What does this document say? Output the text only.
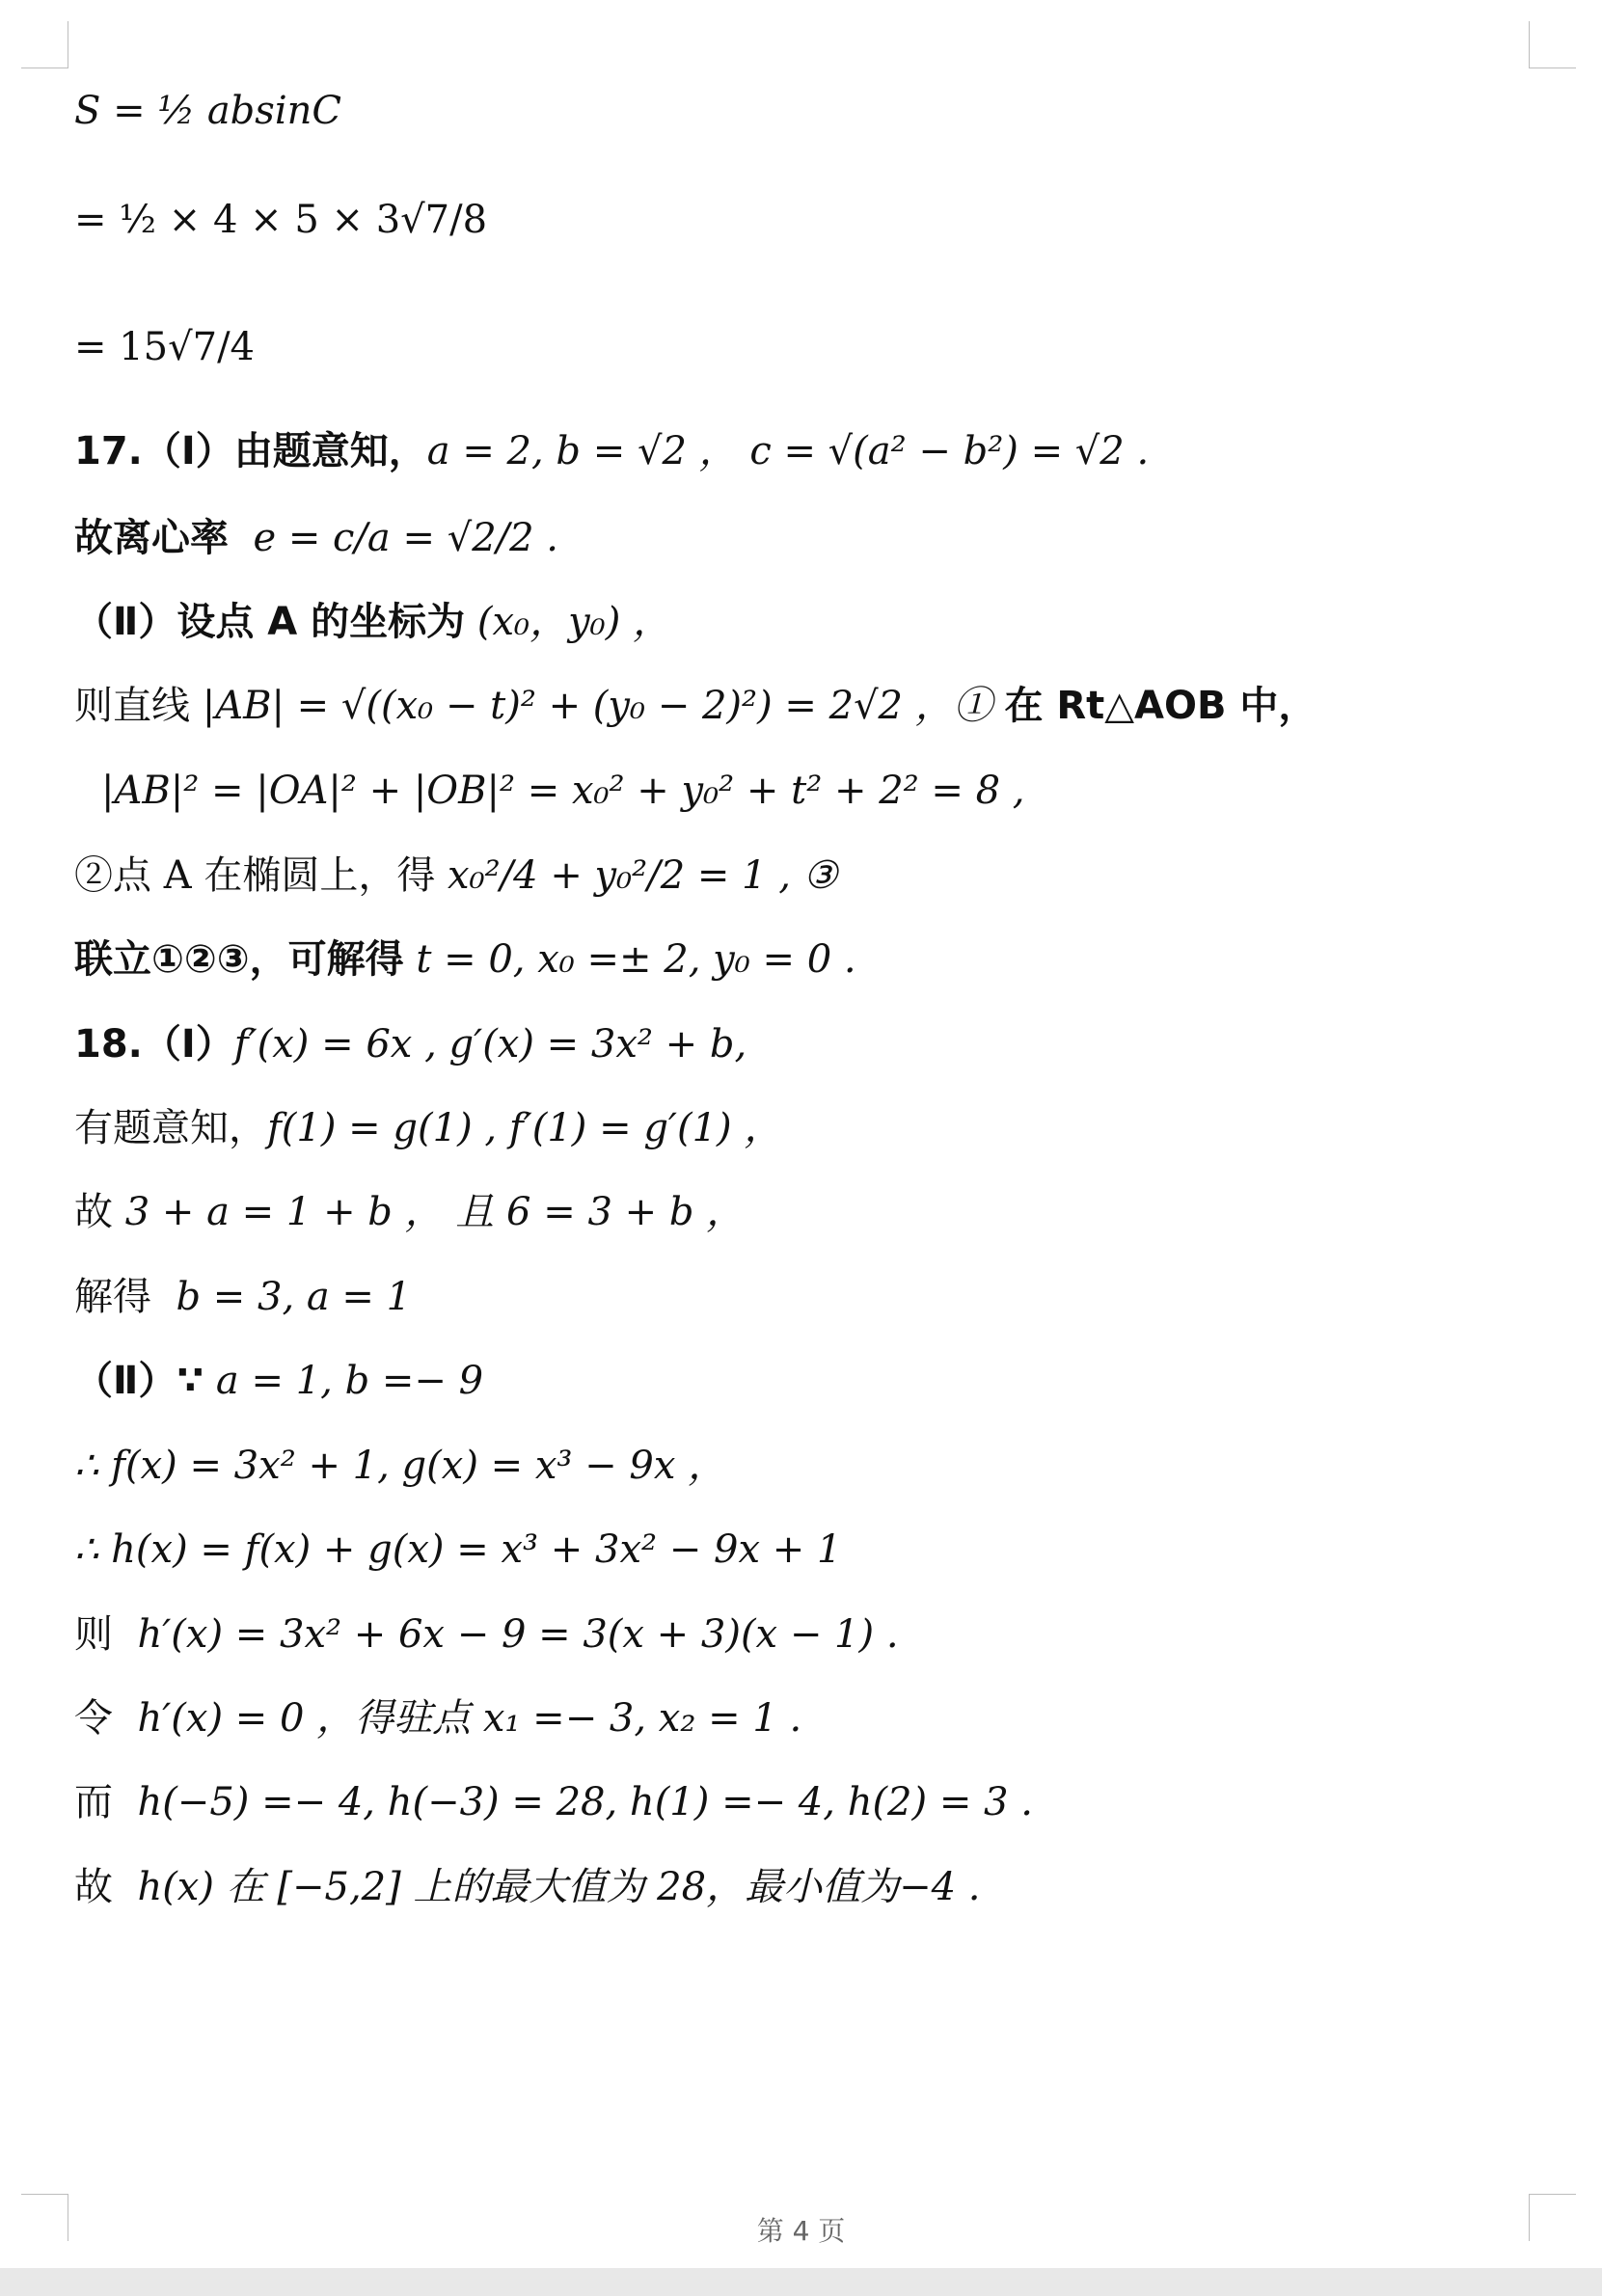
S = ½ absinC
= ½ × 4 × 5 × 3√7/8
= 15√7/4
17.（Ⅰ）由题意知， a = 2, b = √2 ， c = √(a² − b²) = √2 .
故离心率
e = c/a = √2/2 .
（Ⅱ）设点 A 的坐标为
(x₀，y₀) ，
则直线
|AB| = √((x₀ − t)² + (y₀ − 2)²) = 2√2 ，①
在 Rt△AOB 中，
|AB|² = |OA|² + |OB|² = x₀² + y₀² + t² + 2² = 8 ,
②点 A 在椭圆上，得
x₀²/4 + y₀²/2 = 1 , ③
联立①②③，可解得
t = 0, x₀ =± 2, y₀ = 0 .
18.（Ⅰ） f′(x) = 6x , g′(x) = 3x² + b,
有题意知， f(1) = g(1) , f′(1) = g′(1) ，
故
3 + a = 1 + b ， 且 6 = 3 + b ，
解得
b = 3, a = 1
（Ⅱ）∵
a = 1, b =− 9
∴ f(x) = 3x² + 1, g(x) = x³ − 9x ，
∴ h(x) = f(x) + g(x) = x³ + 3x² − 9x + 1
则
h′(x) = 3x² + 6x − 9 = 3(x + 3)(x − 1) .
令
h′(x) = 0 ，得驻点 x₁ =− 3, x₂ = 1 .
而
h(−5) =− 4, h(−3) = 28, h(1) =− 4, h(2) = 3 .
故
h(x) 在 [−5,2] 上的最大值为 28，最小值为−4 .
第 4 页
